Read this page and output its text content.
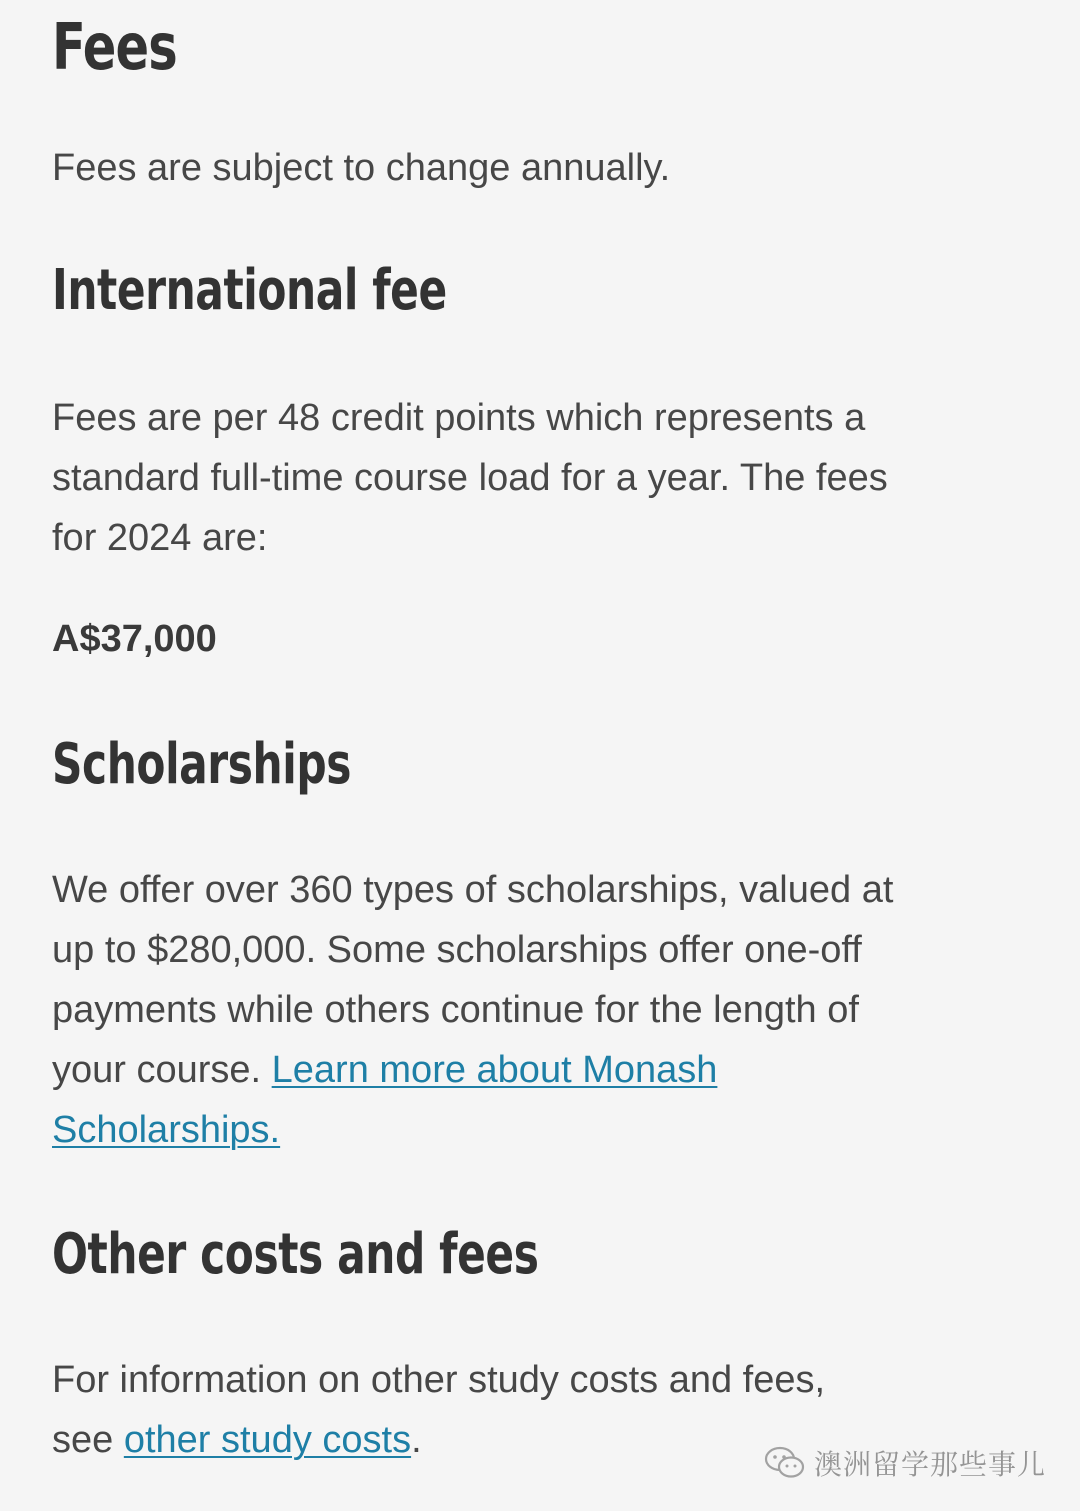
Fees

Fees are subject to change annually.

International fee
Fees are per 48 credit points which represents a
standard full-time course load for a year. The fees
for 2024 are:
A$37,000
Scholarships
We offer over 360 types of scholarships, valued at
up to $280,000. Some scholarships offer one-off
payments while others continue for the length of
your course. Learn more about Monash
Scholarships.
Other costs and fees
For information on other study costs and fees,
see other study costs.
澳洲留学那些事儿
